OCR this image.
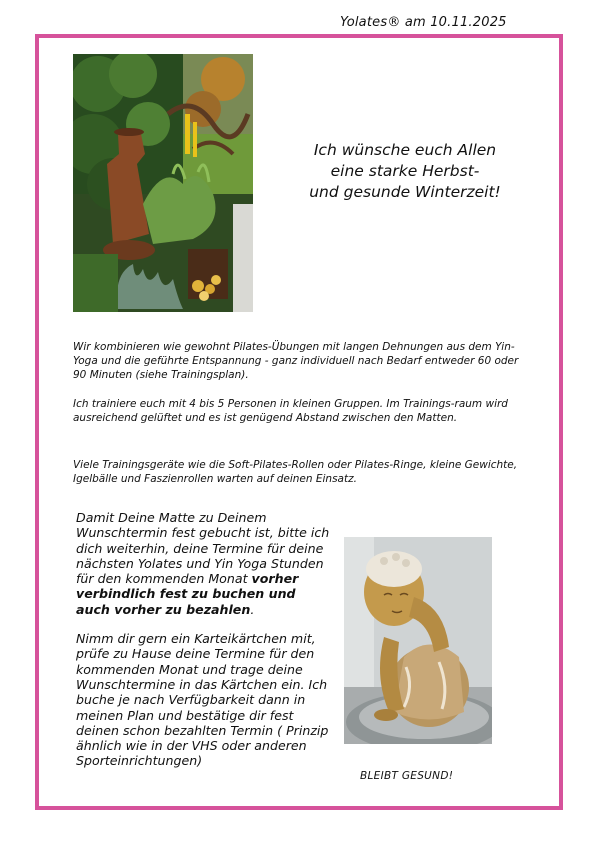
Yolates® am 10.11.2025
Ich wünsche euch Allen
eine starke Herbst-
und gesunde Winterzeit!
Wir kombinieren wie gewohnt Pilates-Übungen mit langen Dehnungen aus dem Yin-Yoga und die geführte Entspannung - ganz individuell nach Bedarf entweder 60 oder 90 Minuten (siehe Trainingsplan).
Ich trainiere euch mit 4 bis 5 Personen in kleinen Gruppen. Im Trainings-raum wird ausreichend gelüftet und es ist genügend Abstand zwischen den Matten.
Viele Trainingsgeräte wie die Soft-Pilates-Rollen oder Pilates-Ringe, kleine Gewichte, Igelbälle und Faszienrollen warten auf deinen Einsatz.
Damit Deine Matte zu Deinem Wunschtermin fest gebucht ist, bitte ich dich weiterhin, deine Termine für deine nächsten Yolates und Yin Yoga Stunden für den kommenden Monat vorher verbindlich fest zu buchen und auch vorher zu bezahlen.
Nimm dir gern ein Karteikärtchen mit, prüfe zu Hause deine Termine für den kommenden Monat und trage deine Wunschtermine in das Kärtchen ein. Ich buche je nach Verfügbarkeit dann in meinen Plan und bestätige dir fest deinen schon bezahlten Termin ( Prinzip ähnlich wie in der VHS oder anderen Sporteinrichtungen)
BLEIBT GESUND!
